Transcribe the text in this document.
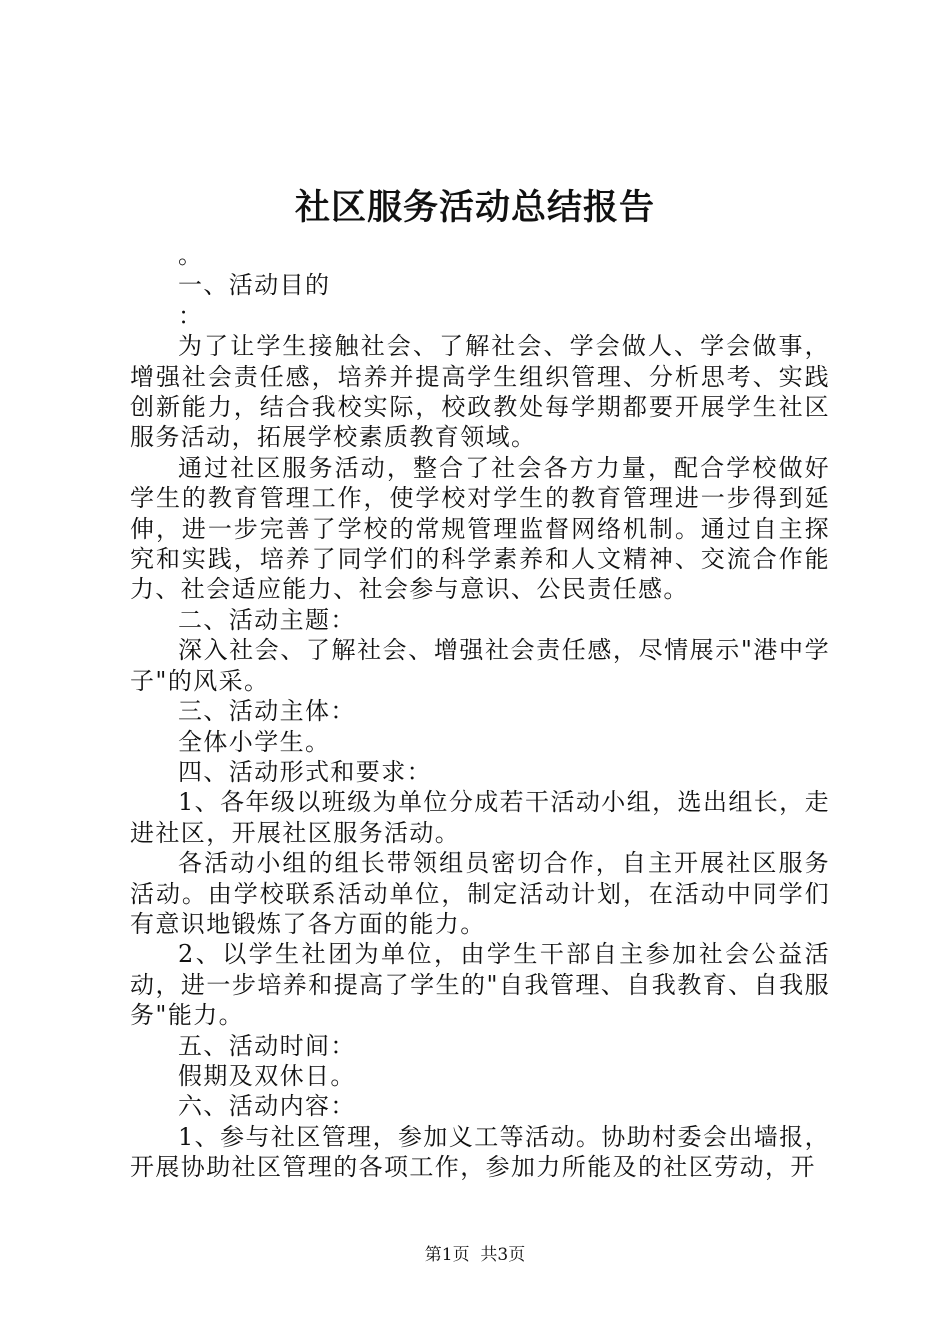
社区服务活动总结报告

。

一、活动目的

：

为了让学生接触社会、了解社会、学会做人、学会做事，增强社会责任感，培养并提高学生组织管理、分析思考、实践创新能力，结合我校实际，校政教处每学期都要开展学生社区服务活动，拓展学校素质教育领域。

通过社区服务活动，整合了社会各方力量，配合学校做好学生的教育管理工作，使学校对学生的教育管理进一步得到延伸，进一步完善了学校的常规管理监督网络机制。通过自主探究和实践，培养了同学们的科学素养和人文精神、交流合作能力、社会适应能力、社会参与意识、公民责任感。

二、活动主题：

深入社会、了解社会、增强社会责任感，尽情展示"港中学子"的风采。

三、活动主体：

全体小学生。

四、活动形式和要求：

1、各年级以班级为单位分成若干活动小组，选出组长，走进社区，开展社区服务活动。

各活动小组的组长带领组员密切合作，自主开展社区服务活动。由学校联系活动单位，制定活动计划，在活动中同学们有意识地锻炼了各方面的能力。

2、以学生社团为单位，由学生干部自主参加社会公益活动，进一步培养和提高了学生的"自我管理、自我教育、自我服务"能力。

五、活动时间：

假期及双休日。

六、活动内容：

1、参与社区管理，参加义工等活动。协助村委会出墙报，开展协助社区管理的各项工作，参加力所能及的社区劳动，开

第1页  共3页
